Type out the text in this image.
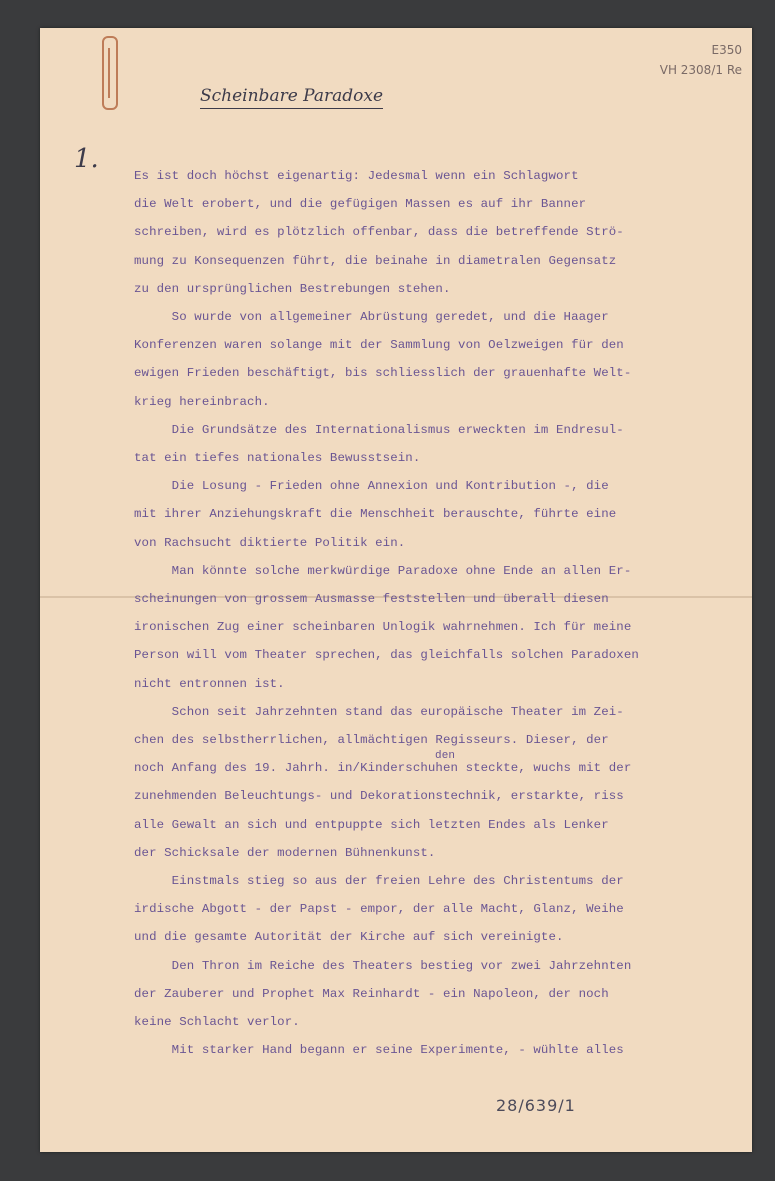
E350
VH 2308/1 Re
Scheinbare Paradoxe
1.
den
Es ist doch höchst eigenartig: Jedesmal wenn ein Schlagwort
die Welt erobert, und die gefügigen Massen es auf ihr Banner
schreiben, wird es plötzlich offenbar, dass die betreffende Strö-
mung zu Konsequenzen führt, die beinahe in diametralen Gegensatz
zu den ursprünglichen Bestrebungen stehen.
So wurde von allgemeiner Abrüstung geredet, und die Haager
Konferenzen waren solange mit der Sammlung von Oelzweigen für den
ewigen Frieden beschäftigt, bis schliesslich der grauenhafte Welt-
krieg hereinbrach.
Die Grundsätze des Internationalismus erweckten im Endresul-
tat ein tiefes nationales Bewusstsein.
Die Losung - Frieden ohne Annexion und Kontribution -, die
mit ihrer Anziehungskraft die Menschheit berauschte, führte eine
von Rachsucht diktierte Politik ein.
Man könnte solche merkwürdige Paradoxe ohne Ende an allen Er-
scheinungen von grossem Ausmasse feststellen und überall diesen
ironischen Zug einer scheinbaren Unlogik wahrnehmen. Ich für meine
Person will vom Theater sprechen, das gleichfalls solchen Paradoxen
nicht entronnen ist.
Schon seit Jahrzehnten stand das europäische Theater im Zei-
chen des selbstherrlichen, allmächtigen Regisseurs. Dieser, der
noch Anfang des 19. Jahrh. in/Kinderschuhen steckte, wuchs mit der
zunehmenden Beleuchtungs- und Dekorationstechnik, erstarkte, riss
alle Gewalt an sich und entpuppte sich letzten Endes als Lenker
der Schicksale der modernen Bühnenkunst.
Einstmals stieg so aus der freien Lehre des Christentums der
irdische Abgott - der Papst - empor, der alle Macht, Glanz, Weihe
und die gesamte Autorität der Kirche auf sich vereinigte.
Den Thron im Reiche des Theaters bestieg vor zwei Jahrzehnten
der Zauberer und Prophet Max Reinhardt - ein Napoleon, der noch
keine Schlacht verlor.
Mit starker Hand begann er seine Experimente, - wühlte alles
28/639/1
